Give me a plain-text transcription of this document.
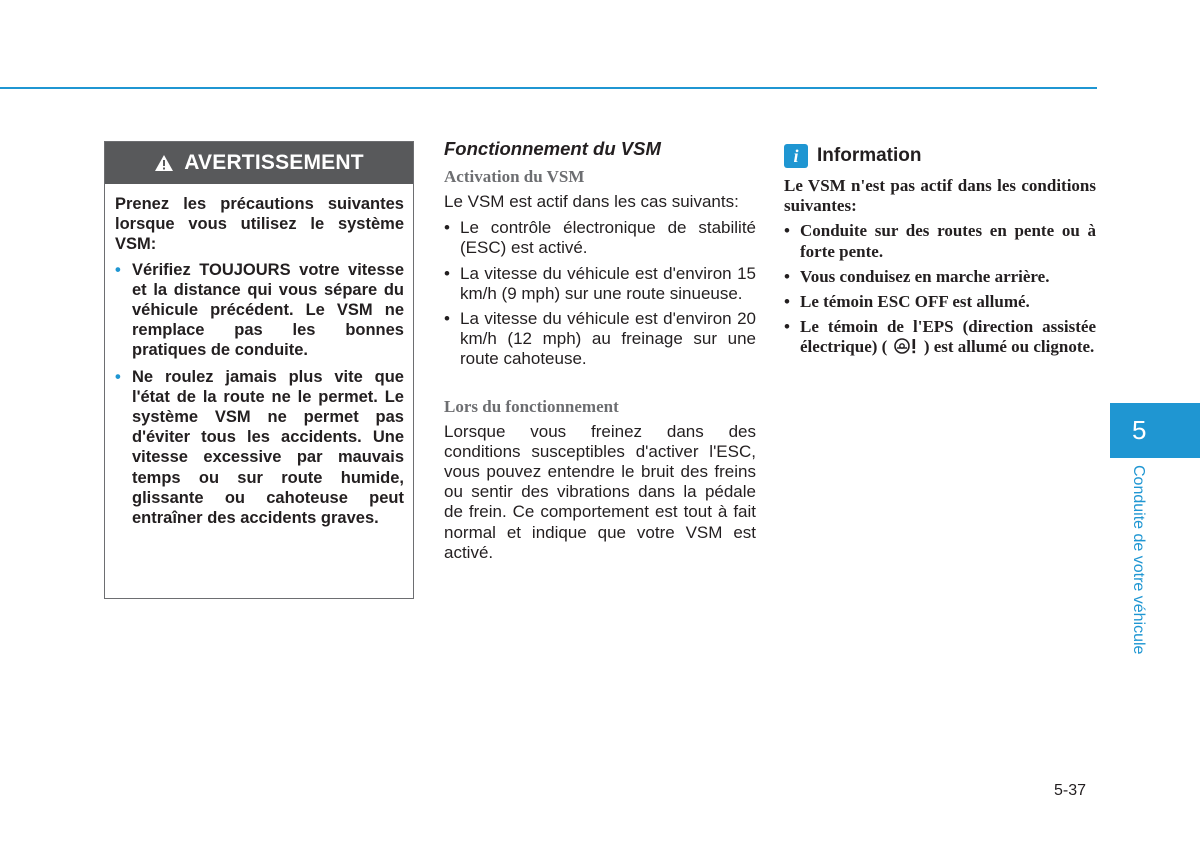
AVERTISSEMENT

Prenez les précautions suivantes lorsque vous utilisez le système VSM:

• Vérifiez TOUJOURS votre vitesse et la distance qui vous sépare du véhicule précédent. Le VSM ne remplace pas les bonnes pratiques de conduite.
• Ne roulez jamais plus vite que l'état de la route ne le permet. Le système VSM ne permet pas d'éviter tous les accidents. Une vitesse excessive par mauvais temps ou sur route humide, glissante ou cahoteuse peut entraîner des accidents graves.
Fonctionnement du VSM
Activation du VSM

Le VSM est actif dans les cas suivants:

• Le contrôle électronique de stabilité (ESC) est activé.
• La vitesse du véhicule est d'environ 15 km/h (9 mph) sur une route sinueuse.
• La vitesse du véhicule est d'environ 20 km/h (12 mph) au freinage sur une route cahoteuse.
Lors du fonctionnement

Lorsque vous freinez dans des conditions susceptibles d'activer l'ESC, vous pouvez entendre le bruit des freins ou sentir des vibrations dans la pédale de frein. Ce comportement est tout à fait normal et indique que votre VSM est activé.

i Information

Le VSM n'est pas actif dans les conditions suivantes:

• Conduite sur des routes en pente ou à forte pente.
• Vous conduisez en marche arrière.
• Le témoin ESC OFF est allumé.
• Le témoin de l'EPS (direction assistée électrique) ( ) est allumé ou clignote.
5
Conduite de votre véhicule
5-37
